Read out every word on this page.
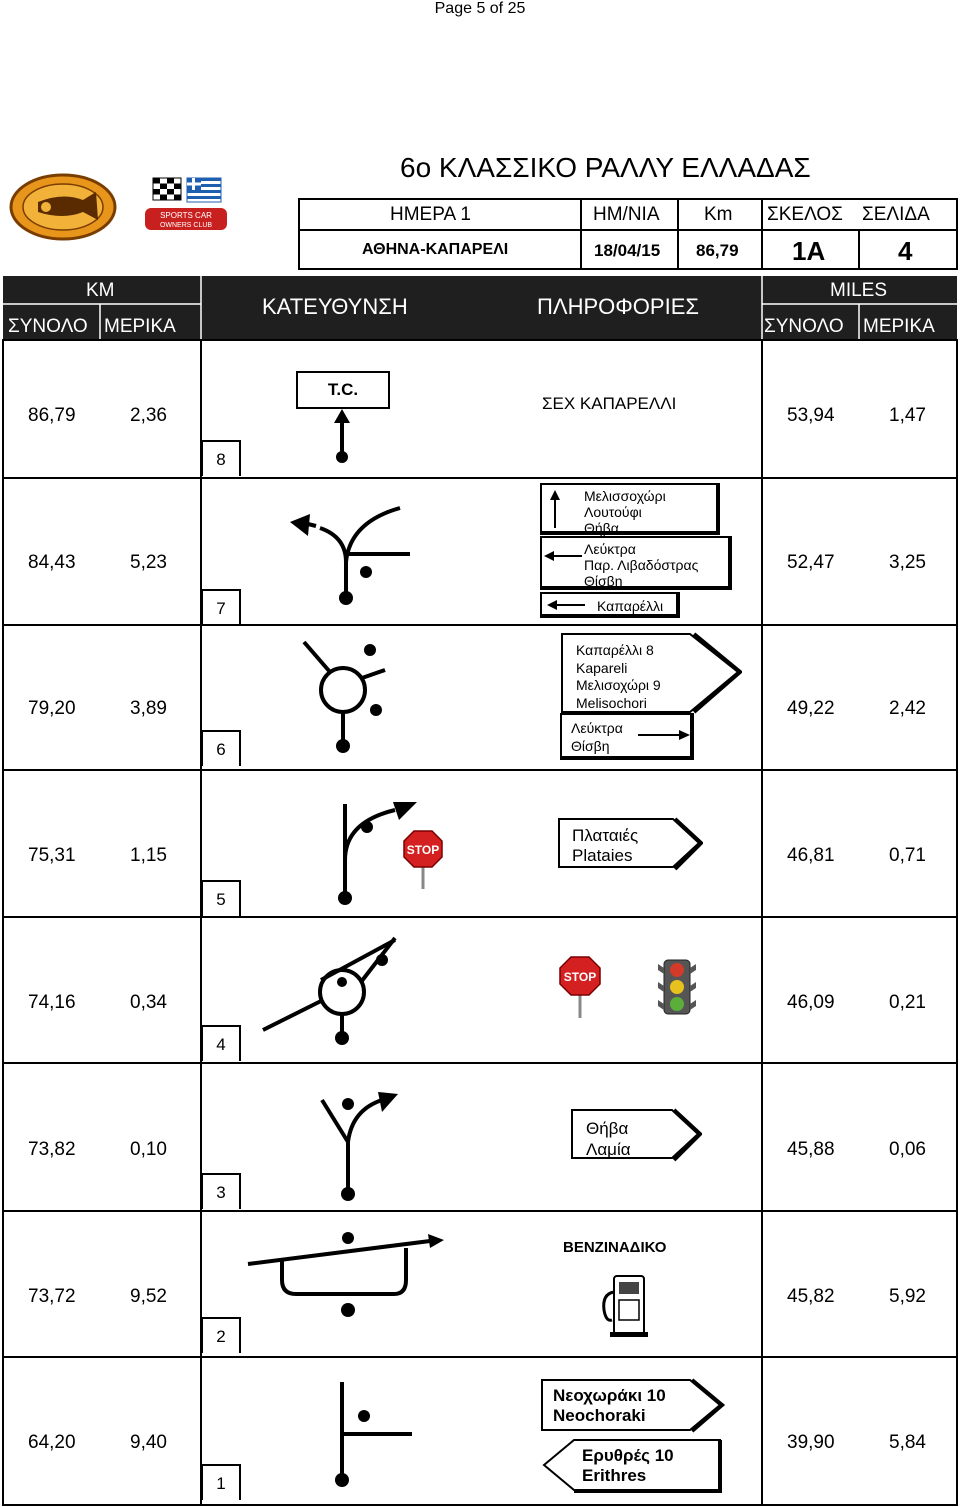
Page 5 of 25
6ο ΚΛΑΣΣΙΚΟ ΡΑΛΛΥ ΕΛΛΑΔΑΣ
SPORTS CAR
OWNERS CLUB
ΗΜΕΡΑ 1	ΗΜ/ΝΙΑ Km ΣΚΕΛΟΣ ΣΕΛΙΔΑ
ΑΘΗΝΑ-ΚΑΠΑΡΕΛΙ	18/04/15 86,79 1A	4
KM
ΣΥΝΟΛΟ ΜΕΡΙΚΑ
ΚΑΤΕΥΘΥΝΣΗ	ΠΛΗΡΟΦΟΡΙΕΣ
MILES
ΣΥΝΟΛΟ ΜΕΡΙΚΑ
86,79	2,36	53,94	1,47
8
T.C.
ΣΕΧ ΚΑΠΑΡΕΛΛΙ
84,43	5,23	52,47	3,25
7
Μελισσοχώρι
Λουτούφι
Θήβα
Λεύκτρα
Παρ. Λιβαδόστρας
Θίσβη
Καπαρέλλι
79,20	3,89	49,22	2,42
6
Καπαρέλλι 8
Kapareli
Μελισοχώρι 9
Melisochori
Λεύκτρα
Θίσβη
75,31	1,15	46,81	0,71
5
STOP
Πλαταιές
Plataies
74,16	0,34	46,09	0,21
4
STOP
73,82	0,10	45,88	0,06
3
Θήβα
Λαμία
73,72	9,52	45,82	5,92
2
ΒΕΝΖΙΝΑΔΙΚΟ
64,20	9,40	39,90	5,84
1
Νεοχωράκι 10
Neochoraki
Ερυθρές 10
Erithres
